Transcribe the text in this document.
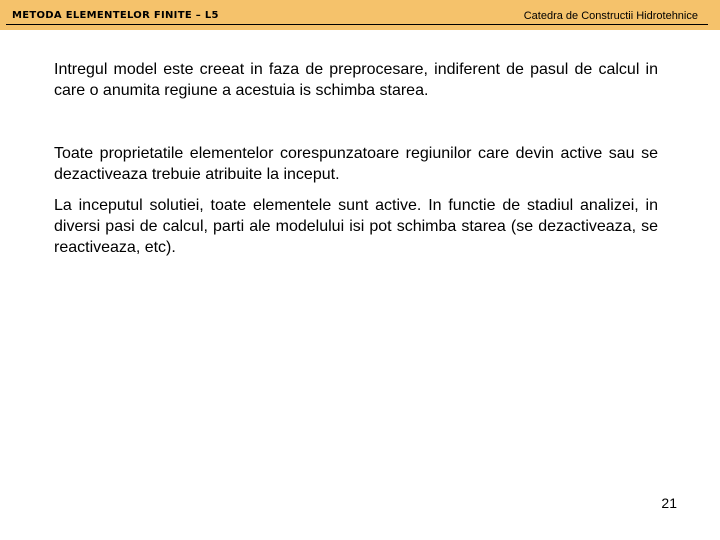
METODA ELEMENTELOR FINITE – L5	Catedra de Constructii Hidrotehnice

Intregul model este creeat in faza de preprocesare, indiferent de pasul de calcul in care o anumita regiune a acestuia is schimba starea.

Toate proprietatile elementelor corespunzatoare regiunilor care devin active sau se dezactiveaza trebuie atribuite la inceput.

La inceputul solutiei, toate elementele sunt active. In functie de stadiul analizei, in diversi pasi de calcul, parti ale modelului isi pot schimba starea (se dezactiveaza, se reactiveaza, etc).

21
